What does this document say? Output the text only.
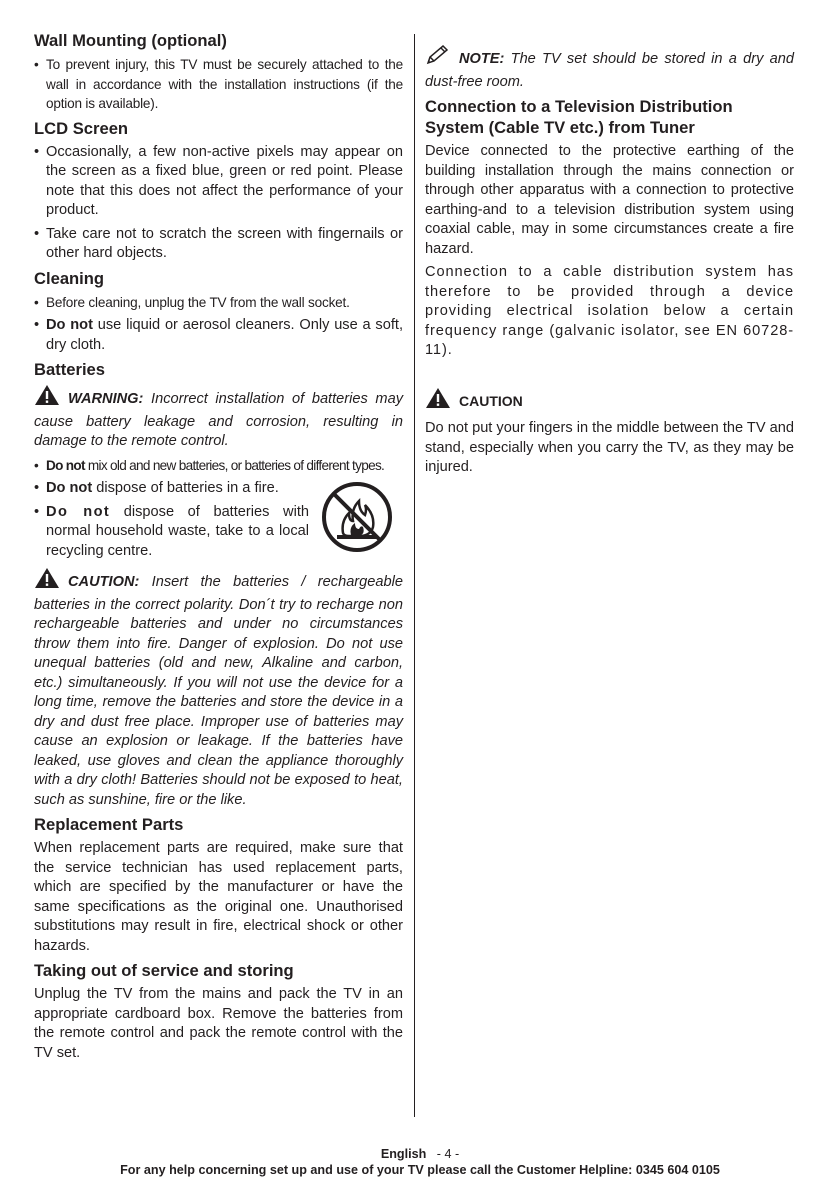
Wall Mounting (optional)
• To prevent injury, this TV must be securely attached to the wall in accordance with the installation instructions (if the option is available).
LCD Screen
• Occasionally, a few non-active pixels may appear on the screen as a fixed blue, green or red point. Please note that this does not affect the performance of your product.
• Take care not to scratch the screen with fingernails or other hard objects.
Cleaning
• Before cleaning, unplug the TV from the wall socket.
• Do not use liquid or aerosol cleaners. Only use a soft, dry cloth.
Batteries

WARNING: Incorrect installation of batteries may cause battery leakage and corrosion, resulting in damage to the remote control.

• Do not mix old and new batteries, or batteries of different types.
• Do not dispose of batteries in a fire.
• Do not dispose of batteries with normal household waste, take to a local recycling centre.

CAUTION: Insert the batteries / rechargeable batteries in the correct polarity. Don´t try to recharge non rechargeable batteries and under no circumstances throw them into fire. Danger of explosion. Do not use unequal batteries (old and new, Alkaline and carbon, etc.) simultaneously. If you will not use the device for a long time, remove the batteries and store the device in a dry and dust free place. Improper use of batteries may cause an explosion or leakage. If the batteries have leaked, use gloves and clean the appliance thoroughly with a dry cloth! Batteries should not be exposed to heat, such as sunshine, fire or the like.

Replacement Parts

When replacement parts are required, make sure that the service technician has used replacement parts, which are specified by the manufacturer or have the same specifications as the original one. Unauthorised substitutions may result in fire, electrical shock or other hazards.

Taking out of service and storing

Unplug the TV from the mains and pack the TV in an appropriate cardboard box. Remove the batteries from the remote control and pack the remote control with the TV set.

NOTE: The TV set should be stored in a dry and dust-free room.

Connection to a Television Distribution System (Cable TV etc.) from Tuner

Device connected to the protective earthing of the building installation through the mains connection or through other apparatus with a connection to protective earthing-and to a television distribution system using coaxial cable, may in some circumstances create a fire hazard.

Connection to a cable distribution system has therefore to be provided through a device providing electrical isolation below a certain frequency range (galvanic isolator, see EN 60728-11).

CAUTION

Do not put your fingers in the middle between the TV and stand, especially when you carry the TV, as they may be injured.

English - 4 -
For any help concerning set up and use of your TV please call the Customer Helpline: 0345 604 0105
